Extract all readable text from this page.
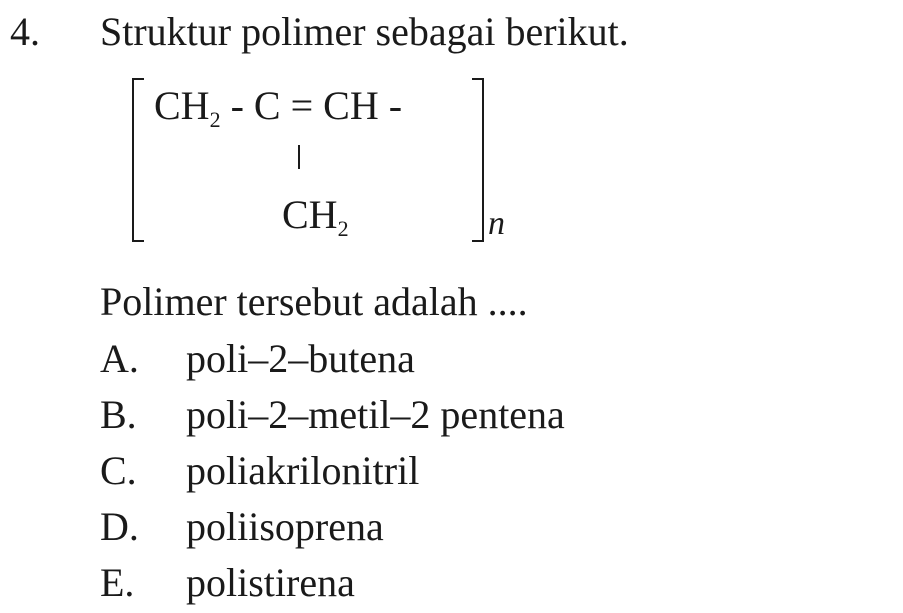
4. Struktur polimer sebagai berikut.
$CH_2$ - C = CH -
$CH_2$	n
Polimer tersebut adalah ....
A.	poli–2–butena
B.	poli–2–metil–2 pentena
C.	poliakrilonitril
D.	poliisoprena
E.	polistirena
